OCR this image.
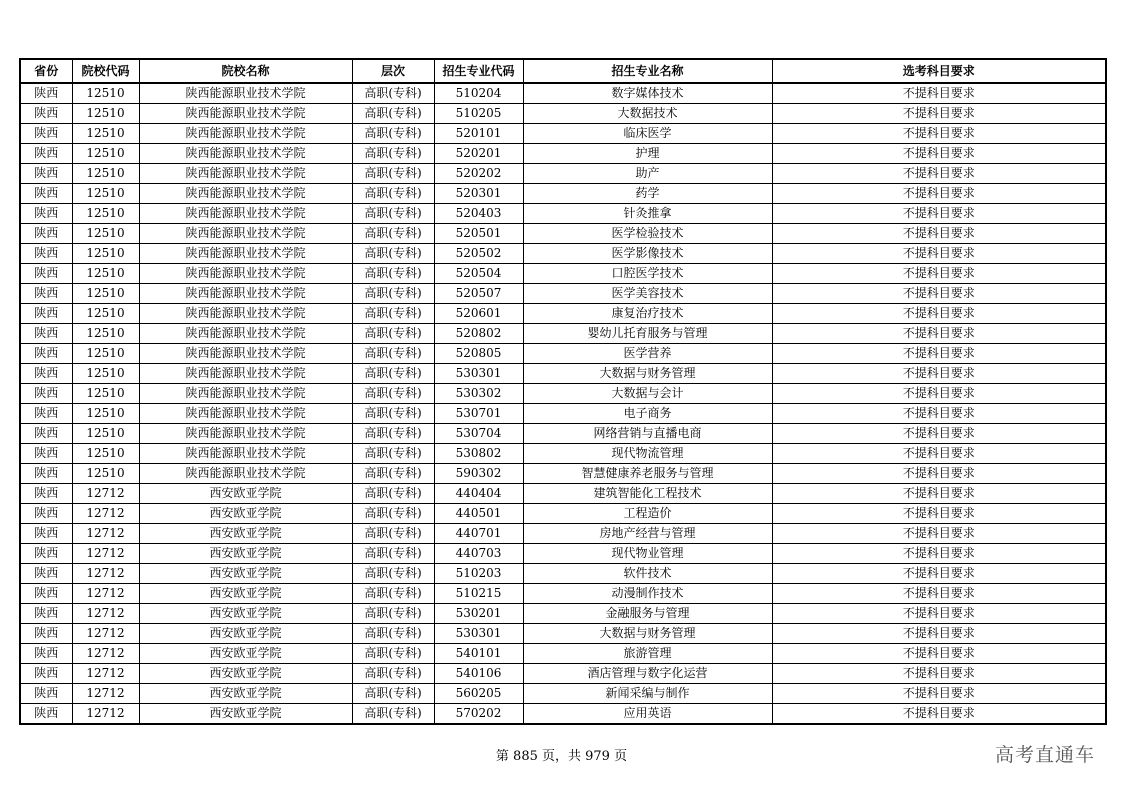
省份	院校代码	院校名称	层次	招生专业代码	招生专业名称	选考科目要求
陕西	12510	陕西能源职业技术学院	高职(专科)	510204	数字媒体技术	不提科目要求
陕西	12510	陕西能源职业技术学院	高职(专科)	510205	大数据技术	不提科目要求
陕西	12510	陕西能源职业技术学院	高职(专科)	520101	临床医学	不提科目要求
陕西	12510	陕西能源职业技术学院	高职(专科)	520201	护理	不提科目要求
陕西	12510	陕西能源职业技术学院	高职(专科)	520202	助产	不提科目要求
陕西	12510	陕西能源职业技术学院	高职(专科)	520301	药学	不提科目要求
陕西	12510	陕西能源职业技术学院	高职(专科)	520403	针灸推拿	不提科目要求
陕西	12510	陕西能源职业技术学院	高职(专科)	520501	医学检验技术	不提科目要求
陕西	12510	陕西能源职业技术学院	高职(专科)	520502	医学影像技术	不提科目要求
陕西	12510	陕西能源职业技术学院	高职(专科)	520504	口腔医学技术	不提科目要求
陕西	12510	陕西能源职业技术学院	高职(专科)	520507	医学美容技术	不提科目要求
陕西	12510	陕西能源职业技术学院	高职(专科)	520601	康复治疗技术	不提科目要求
陕西	12510	陕西能源职业技术学院	高职(专科)	520802	婴幼儿托育服务与管理	不提科目要求
陕西	12510	陕西能源职业技术学院	高职(专科)	520805	医学营养	不提科目要求
陕西	12510	陕西能源职业技术学院	高职(专科)	530301	大数据与财务管理	不提科目要求
陕西	12510	陕西能源职业技术学院	高职(专科)	530302	大数据与会计	不提科目要求
陕西	12510	陕西能源职业技术学院	高职(专科)	530701	电子商务	不提科目要求
陕西	12510	陕西能源职业技术学院	高职(专科)	530704	网络营销与直播电商	不提科目要求
陕西	12510	陕西能源职业技术学院	高职(专科)	530802	现代物流管理	不提科目要求
陕西	12510	陕西能源职业技术学院	高职(专科)	590302	智慧健康养老服务与管理	不提科目要求
陕西	12712	西安欧亚学院	高职(专科)	440404	建筑智能化工程技术	不提科目要求
陕西	12712	西安欧亚学院	高职(专科)	440501	工程造价	不提科目要求
陕西	12712	西安欧亚学院	高职(专科)	440701	房地产经营与管理	不提科目要求
陕西	12712	西安欧亚学院	高职(专科)	440703	现代物业管理	不提科目要求
陕西	12712	西安欧亚学院	高职(专科)	510203	软件技术	不提科目要求
陕西	12712	西安欧亚学院	高职(专科)	510215	动漫制作技术	不提科目要求
陕西	12712	西安欧亚学院	高职(专科)	530201	金融服务与管理	不提科目要求
陕西	12712	西安欧亚学院	高职(专科)	530301	大数据与财务管理	不提科目要求
陕西	12712	西安欧亚学院	高职(专科)	540101	旅游管理	不提科目要求
陕西	12712	西安欧亚学院	高职(专科)	540106	酒店管理与数字化运营	不提科目要求
陕西	12712	西安欧亚学院	高职(专科)	560205	新闻采编与制作	不提科目要求
陕西	12712	西安欧亚学院	高职(专科)	570202	应用英语	不提科目要求
第 885 页，共 979 页	高考直通车
